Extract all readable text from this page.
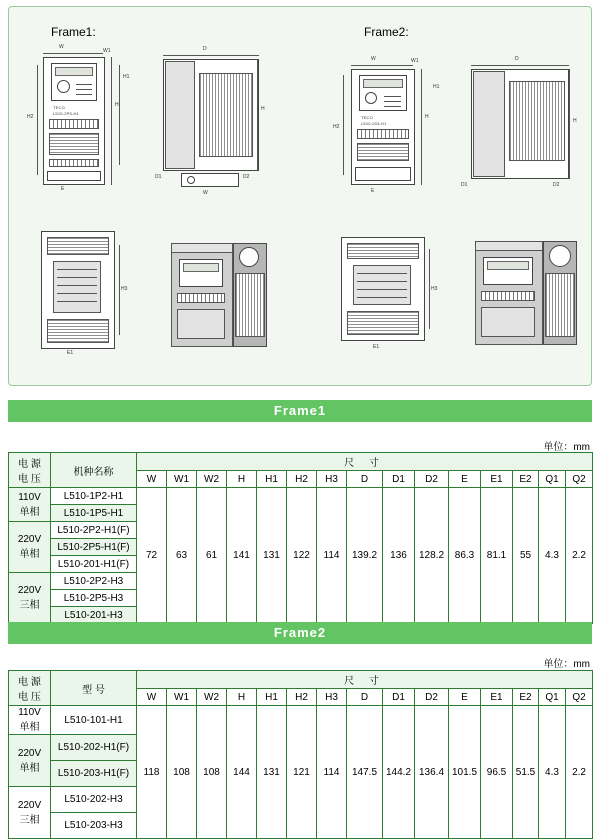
Frame1:	Frame2:
W
W1
TECO
L510-2P5-H1
H
H1
H2
E
D
H
W
D1	D2
H3
E1
W	W1
TECO
L510-203-H1
H
H1
H2
E
D
H
D1	D2
H3
E1
Frame1
单位：mm
电 源
电 压	机种名称	尺 寸														
		W	W1	W2	H	H1	H2	H3	D	D1	D2	E	E1	E2	Q1	Q2

110V
单相	L510-1P2-H1	72	63	61	141	131	122	114	139.2	136	128.2	86.3	81.1	55	4.3	2.2
	L510-1P5-H1															

220V
单相	L510-2P2-H1(F)															
	L510-2P5-H1(F)															
	L510-201-H1(F)															

220V
三相	L510-2P2-H3															
	L510-2P5-H3															
	L510-201-H3															
Frame2
单位：mm
电 源
电 压	型 号	尺 寸														
		W	W1	W2	H	H1	H2	H3	D	D1	D2	E	E1	E2	Q1	Q2

110V
单相	L510-101-H1	118	108	108	144	131	121	114	147.5	144.2	136.4	101.5	96.5	51.5	4.3	2.2

220V
单相	L510-202-H1(F)															
	L510-203-H1(F)															

220V
三相	L510-202-H3															
	L510-203-H3															
